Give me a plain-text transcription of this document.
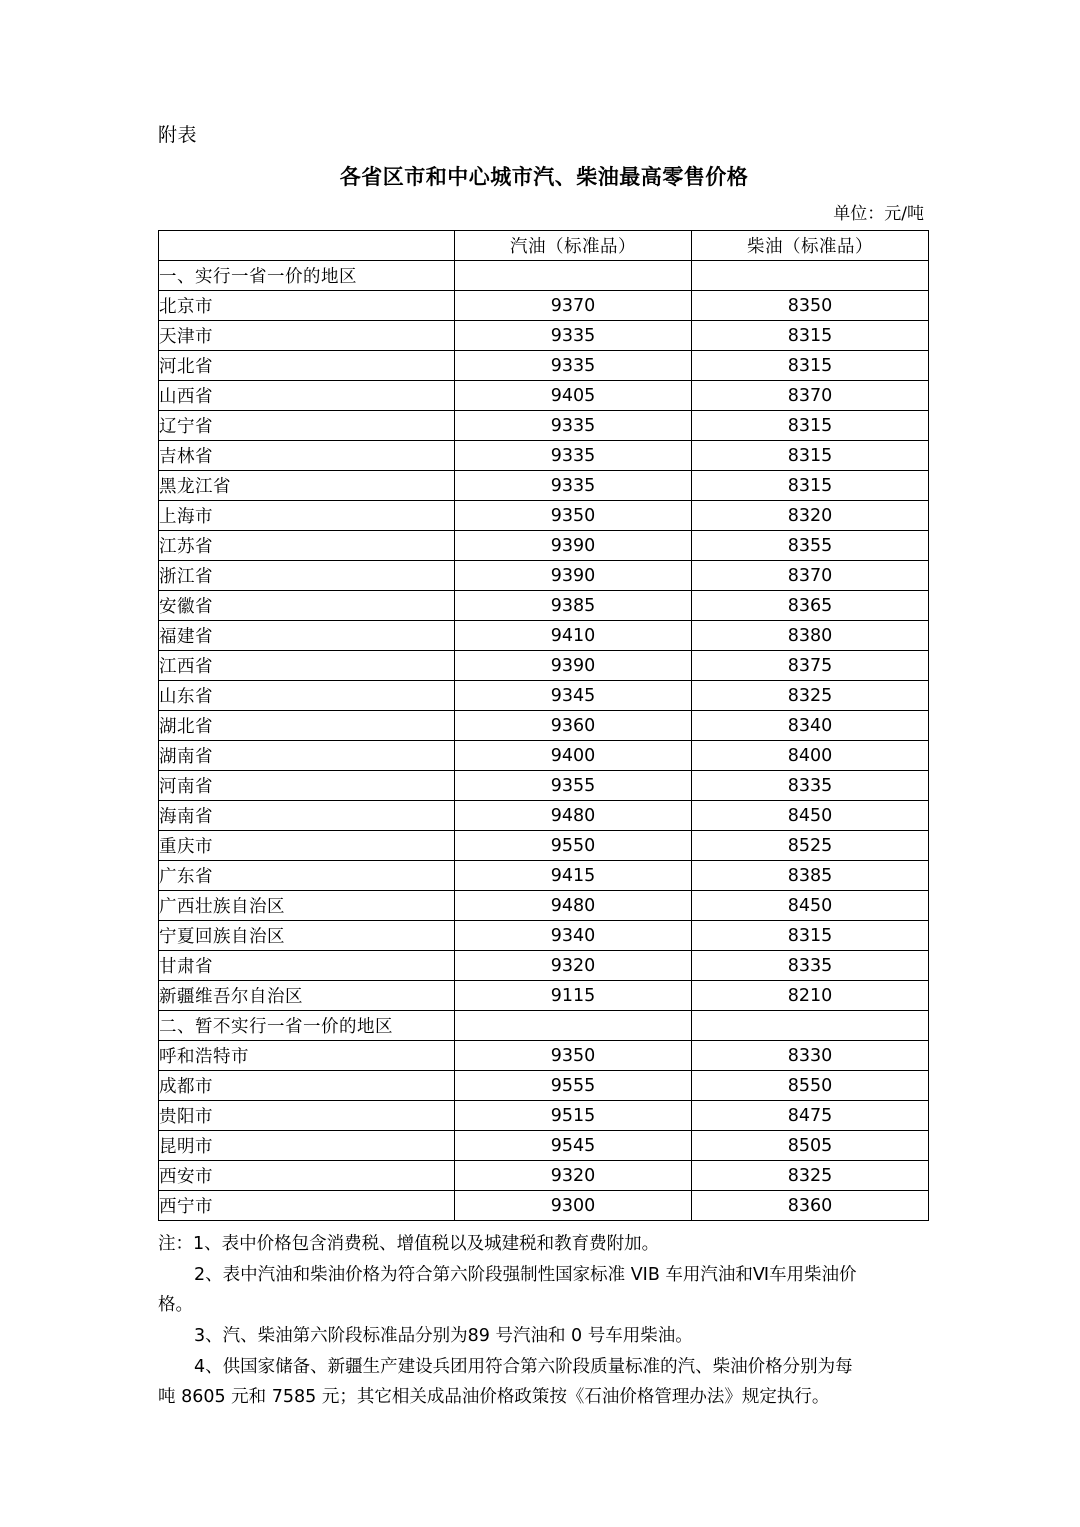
附表
各省区市和中心城市汽、柴油最高零售价格
单位：元/吨
	汽油（标准品）	柴油（标准品）
一、实行一省一价的地区		
北京市	9370	8350
天津市	9335	8315
河北省	9335	8315
山西省	9405	8370
辽宁省	9335	8315
吉林省	9335	8315
黑龙江省	9335	8315
上海市	9350	8320
江苏省	9390	8355
浙江省	9390	8370
安徽省	9385	8365
福建省	9410	8380
江西省	9390	8375
山东省	9345	8325
湖北省	9360	8340
湖南省	9400	8400
河南省	9355	8335
海南省	9480	8450
重庆市	9550	8525
广东省	9415	8385
广西壮族自治区	9480	8450
宁夏回族自治区	9340	8315
甘肃省	9320	8335
新疆维吾尔自治区	9115	8210
二、暂不实行一省一价的地区		
呼和浩特市	9350	8330
成都市	9555	8550
贵阳市	9515	8475
昆明市	9545	8505
西安市	9320	8325
西宁市	9300	8360

注：1、表中价格包含消费税、增值税以及城建税和教育费附加。

2、表中汽油和柴油价格为符合第六阶段强制性国家标准 VIB 车用汽油和Ⅵ车用柴油价

格。

3、汽、柴油第六阶段标准品分别为89 号汽油和 0 号车用柴油。

4、供国家储备、新疆生产建设兵团用符合第六阶段质量标准的汽、柴油价格分别为每

吨 8605 元和 7585 元；其它相关成品油价格政策按《石油价格管理办法》规定执行。
